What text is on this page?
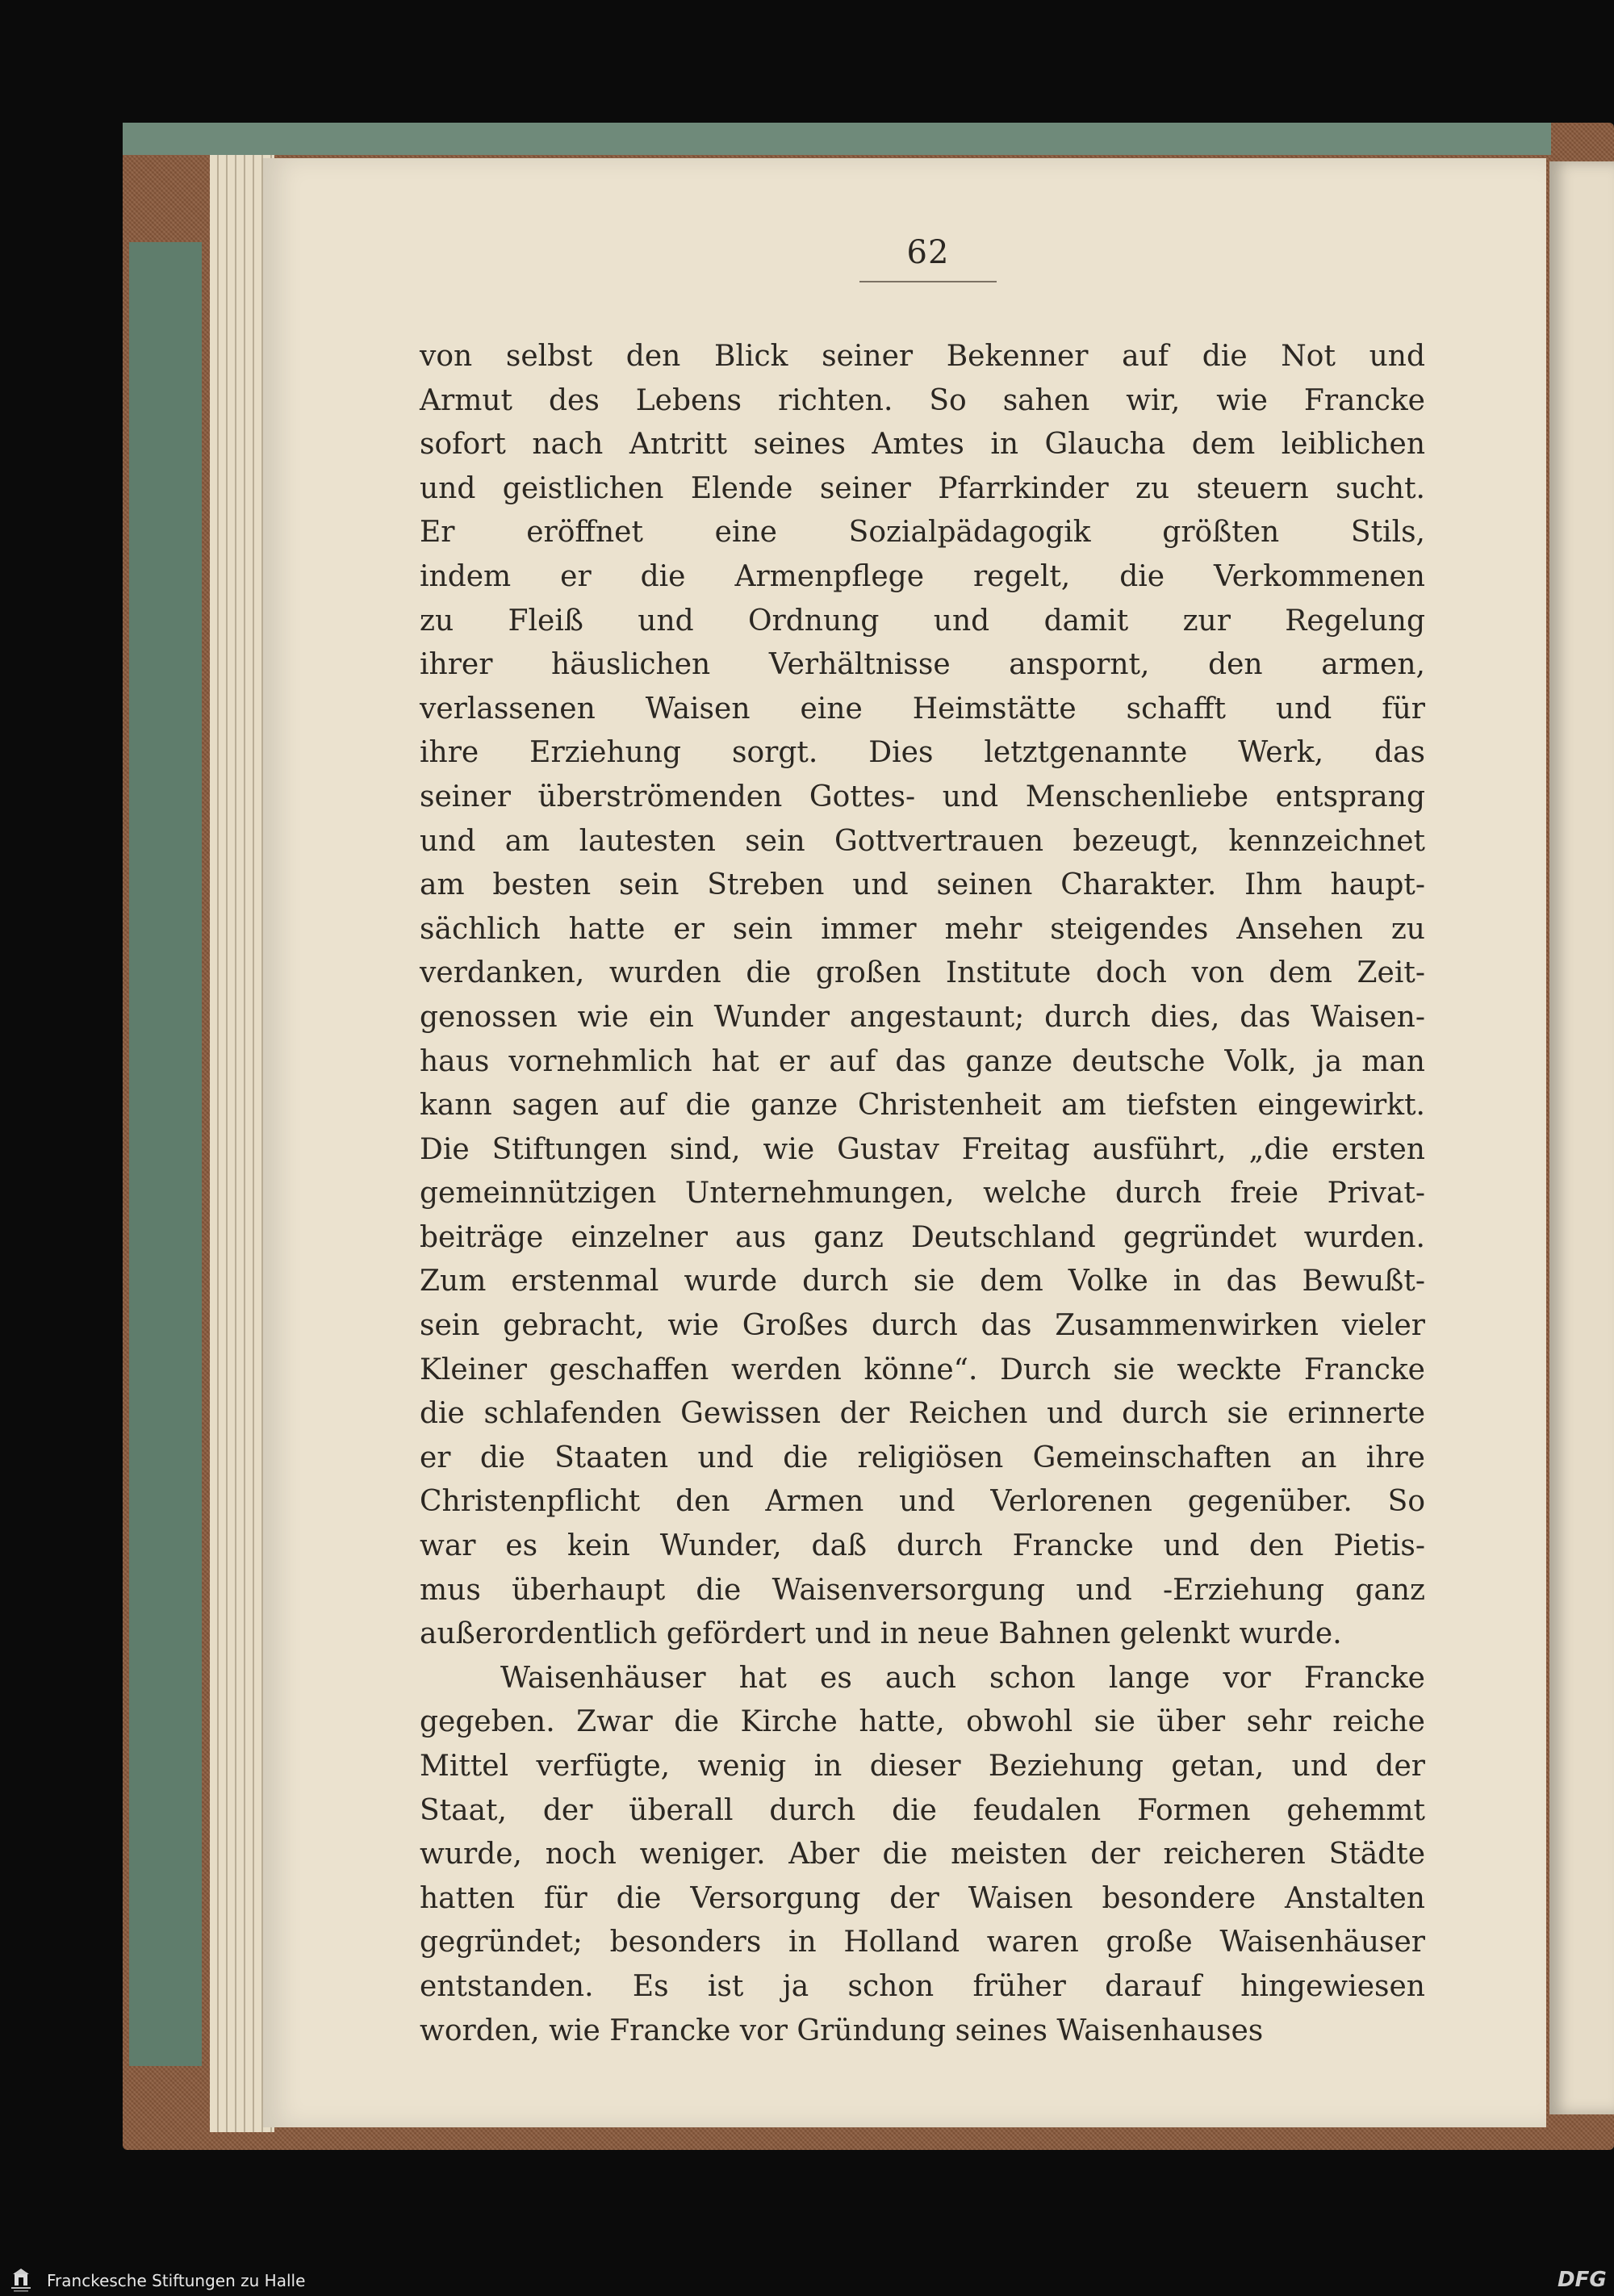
62
von selbst den Blick seiner Bekenner auf die Not und
Armut des Lebens richten. So sahen wir, wie Francke
sofort nach Antritt seines Amtes in Glaucha dem leiblichen
und geistlichen Elende seiner Pfarrkinder zu steuern sucht.
Er eröffnet eine Sozialpädagogik größten Stils,
indem er die Armenpflege regelt, die Verkommenen
zu Fleiß und Ordnung und damit zur Regelung
ihrer häuslichen Verhältnisse anspornt, den armen,
verlassenen Waisen eine Heimstätte schafft und für
ihre Erziehung sorgt. Dies letztgenannte Werk, das
seiner überströmenden Gottes- und Menschenliebe entsprang
und am lautesten sein Gottvertrauen bezeugt, kennzeichnet
am besten sein Streben und seinen Charakter. Ihm haupt-
sächlich hatte er sein immer mehr steigendes Ansehen zu
verdanken, wurden die großen Institute doch von dem Zeit-
genossen wie ein Wunder angestaunt; durch dies, das Waisen-
haus vornehmlich hat er auf das ganze deutsche Volk, ja man
kann sagen auf die ganze Christenheit am tiefsten eingewirkt.
Die Stiftungen sind, wie Gustav Freitag ausführt, „die ersten
gemeinnützigen Unternehmungen, welche durch freie Privat-
beiträge einzelner aus ganz Deutschland gegründet wurden.
Zum erstenmal wurde durch sie dem Volke in das Bewußt-
sein gebracht, wie Großes durch das Zusammenwirken vieler
Kleiner geschaffen werden könne“. Durch sie weckte Francke
die schlafenden Gewissen der Reichen und durch sie erinnerte
er die Staaten und die religiösen Gemeinschaften an ihre
Christenpflicht den Armen und Verlorenen gegenüber. So
war es kein Wunder, daß durch Francke und den Pietis-
mus überhaupt die Waisenversorgung und -Erziehung ganz
außerordentlich gefördert und in neue Bahnen gelenkt wurde.
Waisenhäuser hat es auch schon lange vor Francke
gegeben. Zwar die Kirche hatte, obwohl sie über sehr reiche
Mittel verfügte, wenig in dieser Beziehung getan, und der
Staat, der überall durch die feudalen Formen gehemmt
wurde, noch weniger. Aber die meisten der reicheren Städte
hatten für die Versorgung der Waisen besondere Anstalten
gegründet; besonders in Holland waren große Waisenhäuser
entstanden. Es ist ja schon früher darauf hingewiesen
worden, wie Francke vor Gründung seines Waisenhauses
Franckesche Stiftungen zu Halle	DFG
